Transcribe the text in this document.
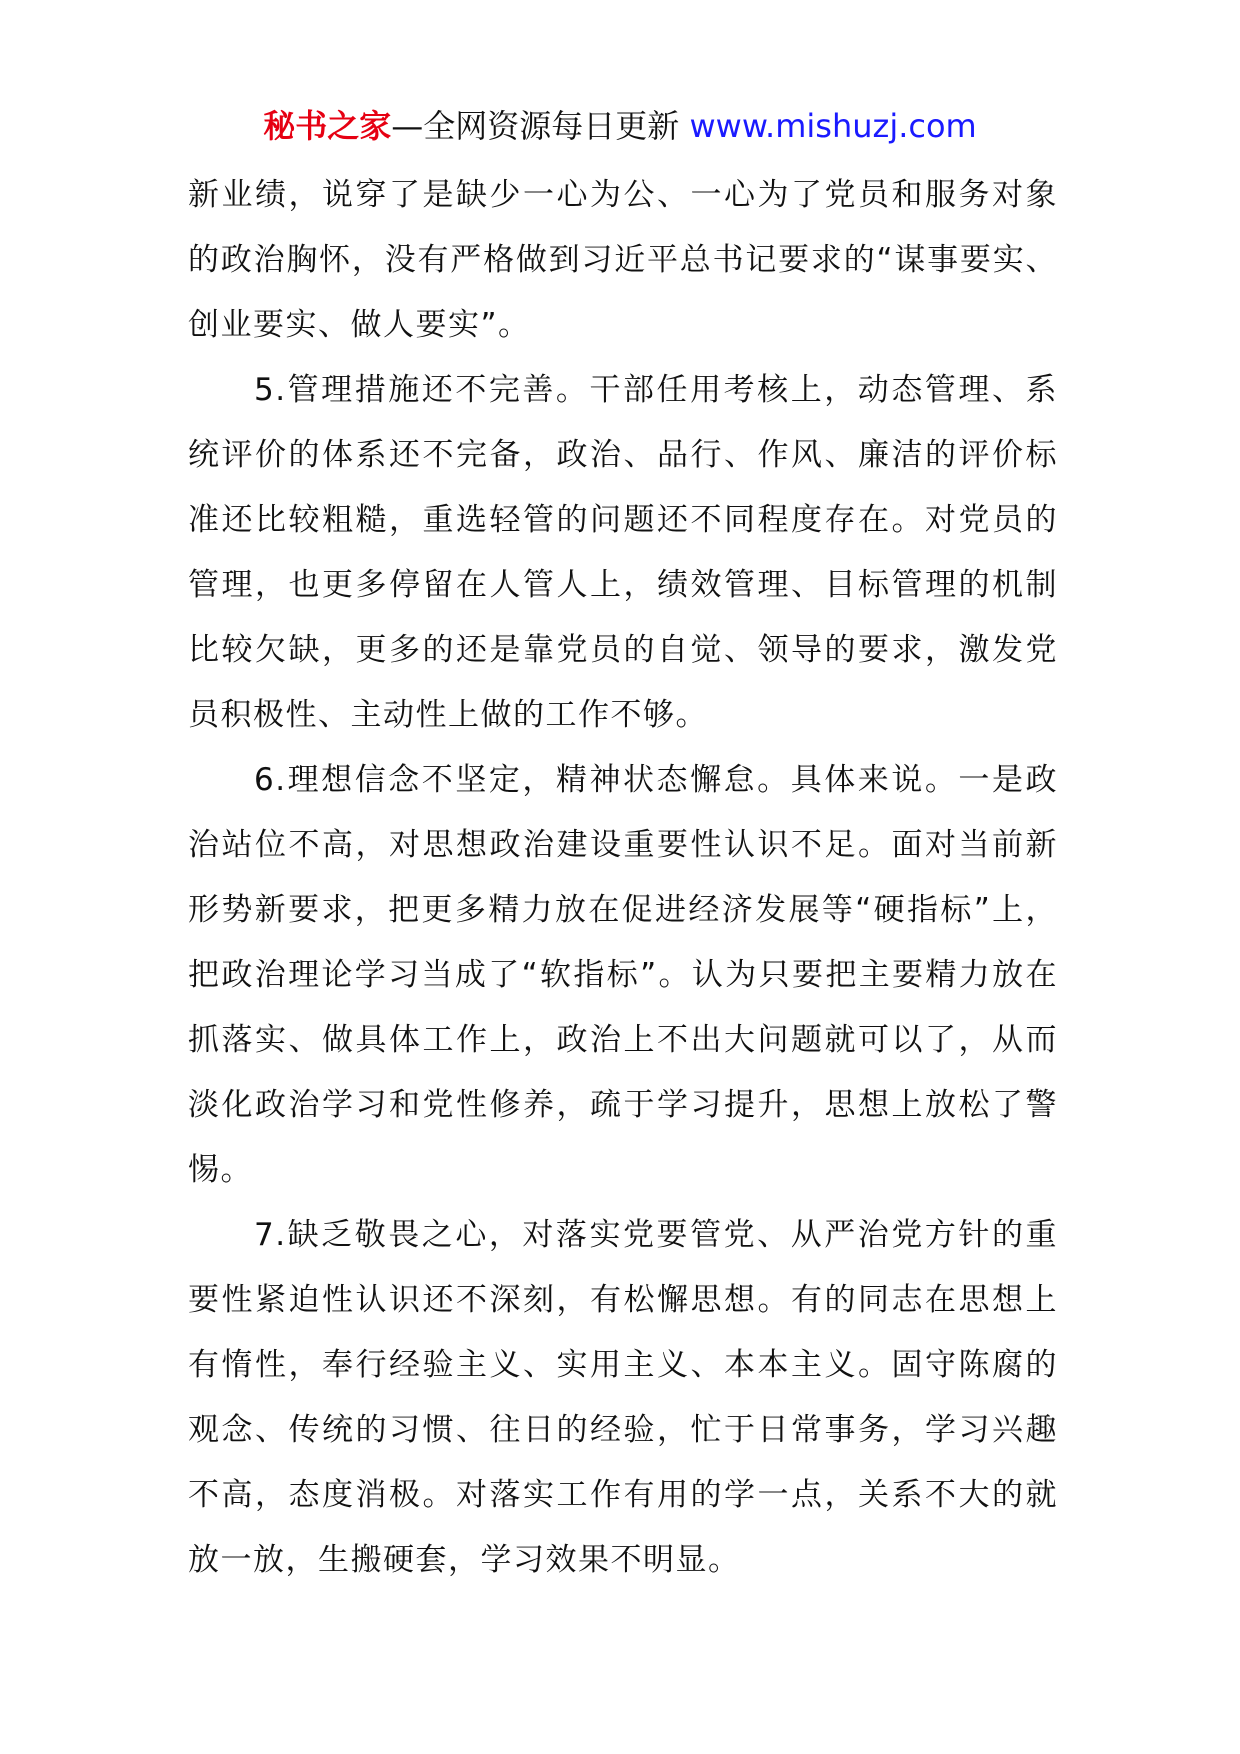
秘书之家—全网资源每日更新 www.mishuzj.com

新业绩，说穿了是缺少一心为公、一心为了党员和服务对象的政治胸怀，没有严格做到习近平总书记要求的“谋事要实、创业要实、做人要实”。

5.管理措施还不完善。干部任用考核上，动态管理、系统评价的体系还不完备，政治、品行、作风、廉洁的评价标准还比较粗糙，重选轻管的问题还不同程度存在。对党员的管理，也更多停留在人管人上，绩效管理、目标管理的机制比较欠缺，更多的还是靠党员的自觉、领导的要求，激发党员积极性、主动性上做的工作不够。

6.理想信念不坚定，精神状态懈怠。具体来说。一是政治站位不高，对思想政治建设重要性认识不足。面对当前新形势新要求，把更多精力放在促进经济发展等“硬指标”上，把政治理论学习当成了“软指标”。认为只要把主要精力放在抓落实、做具体工作上，政治上不出大问题就可以了，从而淡化政治学习和党性修养，疏于学习提升，思想上放松了警惕。

7.缺乏敬畏之心，对落实党要管党、从严治党方针的重要性紧迫性认识还不深刻，有松懈思想。有的同志在思想上有惰性，奉行经验主义、实用主义、本本主义。固守陈腐的观念、传统的习惯、往日的经验，忙于日常事务，学习兴趣不高，态度消极。对落实工作有用的学一点，关系不大的就放一放，生搬硬套，学习效果不明显。
